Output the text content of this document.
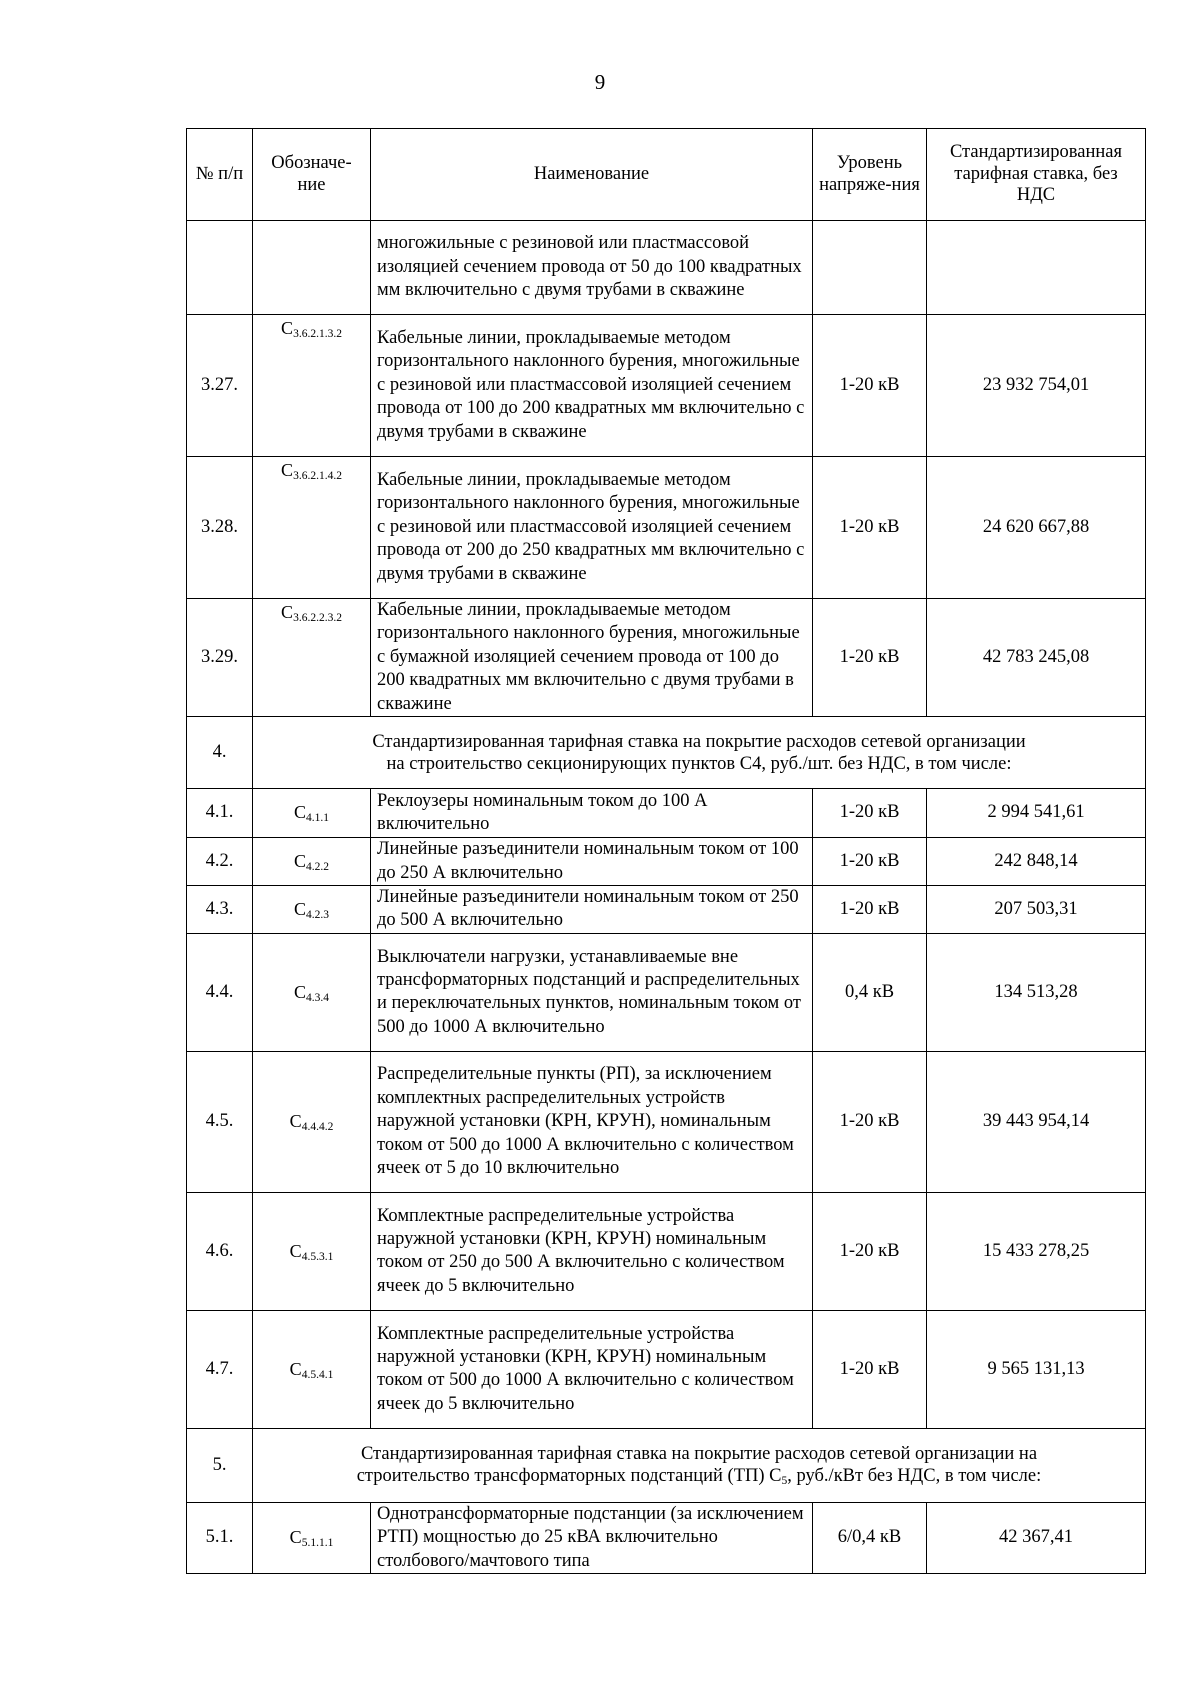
9
№ п/п	Обозначе-ние	Наименование	Уровень напряже-ния	Стандартизированная тарифная ставка, без НДС
		многожильные с резиновой или пластмассовой изоляцией сечением провода от 50 до 100 квадратных мм включительно с двумя трубами в скважине		
3.27.	$С_{3.6.2.1.3.2}$	Кабельные линии, прокладываемые методом горизонтального наклонного бурения, многожильные с резиновой или пластмассовой изоляцией сечением провода от 100 до 200 квадратных мм включительно с двумя трубами в скважине	1-20 кВ	23 932 754,01
3.28.	$С_{3.6.2.1.4.2}$	Кабельные линии, прокладываемые методом горизонтального наклонного бурения, многожильные с резиновой или пластмассовой изоляцией сечением провода от 200 до 250 квадратных мм включительно с двумя трубами в скважине	1-20 кВ	24 620 667,88
3.29.	$С_{3.6.2.2.3.2}$	Кабельные линии, прокладываемые методом горизонтального наклонного бурения, многожильные с бумажной изоляцией сечением провода от 100 до 200 квадратных мм включительно с двумя трубами в скважине	1-20 кВ	42 783 245,08
4.	Стандартизированная тарифная ставка на покрытие расходов сетевой организации
на строительство секционирующих пунктов С4, руб./шт. без НДС, в том числе:			

4.1.	$С_{4.1.1}$	Реклоузеры номинальным током до 100 А включительно	1-20 кВ	2 994 541,61
4.2.	$С_{4.2.2}$	Линейные разъединители номинальным током от 100 до 250 А включительно	1-20 кВ	242 848,14
4.3.	$С_{4.2.3}$	Линейные разъединители номинальным током от 250 до 500 А включительно	1-20 кВ	207 503,31
4.4.	$С_{4.3.4}$	Выключатели нагрузки, устанавливаемые вне трансформаторных подстанций и распределительных и переключательных пунктов, номинальным током от 500 до 1000 А включительно	0,4 кВ	134 513,28
4.5.	$С_{4.4.4.2}$	Распределительные пункты (РП), за исключением комплектных распределительных устройств наружной установки (КРН, КРУН), номинальным током от 500 до 1000 А включительно с количеством ячеек от 5 до 10 включительно	1-20 кВ	39 443 954,14
4.6.	$С_{4.5.3.1}$	Комплектные распределительные устройства наружной установки (КРН, КРУН) номинальным током от 250 до 500 А включительно с количеством ячеек до 5 включительно	1-20 кВ	15 433 278,25
4.7.	$С_{4.5.4.1}$	Комплектные распределительные устройства наружной установки (КРН, КРУН) номинальным током от 500 до 1000 А включительно с количеством ячеек до 5 включительно	1-20 кВ	9 565 131,13
5.	Стандартизированная тарифная ставка на покрытие расходов сетевой организации на
строительство трансформаторных подстанций (ТП) $С_5$, руб./кВт без НДС, в том числе:			

5.1.	$С_{5.1.1.1}$	Однотрансформаторные подстанции (за исключением РТП) мощностью до 25 кВА включительно столбового/мачтового типа	6/0,4 кВ	42 367,41
